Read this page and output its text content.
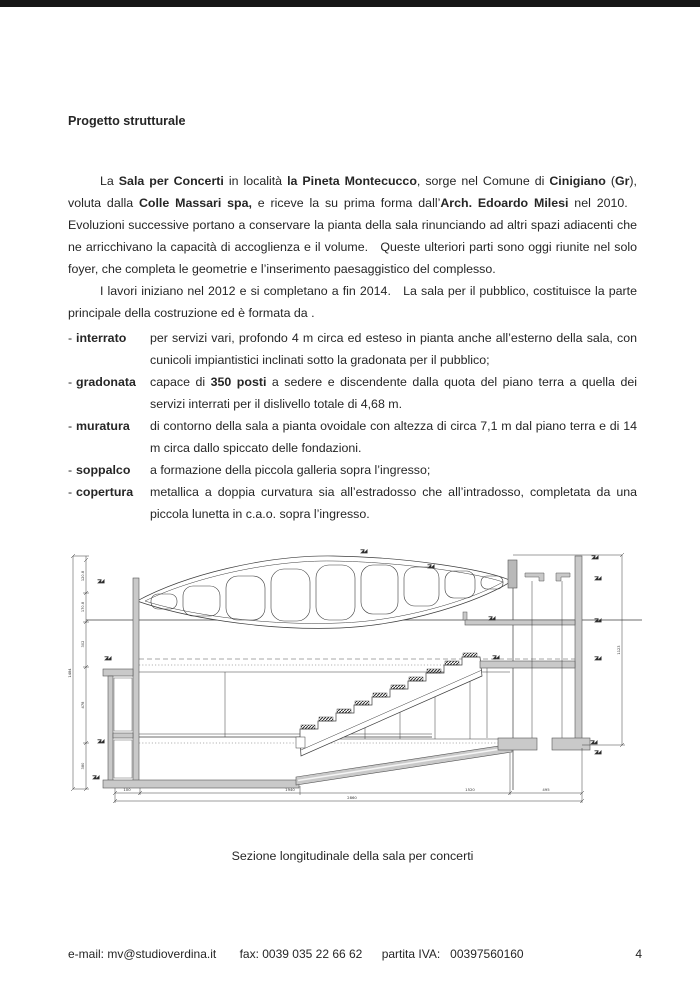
Progetto strutturale

La Sala per Concerti in località la Pineta Montecucco, sorge nel Comune di Cinigiano (Gr), voluta dalla Colle Massari spa, e riceve la su prima forma dall’Arch. Edoardo Milesi nel 2010.   Evoluzioni successive portano a conservare la pianta della sala rinunciando ad altri spazi adiacenti che ne arricchivano la capacità di accoglienza e il volume.   Queste ulteriori parti sono oggi riunite nel solo foyer, che completa le geometrie e l’inserimento paesaggistico del complesso.

I lavori iniziano nel 2012 e si completano a fin 2014.   La sala per il pubblico, costituisce la parte principale della costruzione ed è formata da .

- interrato per servizi vari, profondo 4 m circa ed esteso in pianta anche all’esterno della sala, con cunicoli impiantistici inclinati sotto la gradonata per il pubblico;
- gradonata capace di 350 posti a sedere e discendente dalla quota del piano terra a quella dei servizi interrati per il dislivello totale di 4,68 m.
- muratura di contorno della sala a pianta ovoidale con altezza di circa 7,1 m dal piano terra e di 14 m circa dallo spiccato delle fondazioni.
- soppalco a formazione della piccola galleria sopra l’ingresso;
- copertura metallica a doppia curvatura sia all’estradosso che all’intradosso, completata da una piccola lunetta in c.a.o. sopra l’ingresso.
1484
120.8
170.8
302
478
380
1123
100	1940	1520	495
2860
Sezione longitudinale della sala per concerti
e-mail: mv@studioverdina.it fax: 0039 035 22 66 62 partita IVA:   00397560160	4
